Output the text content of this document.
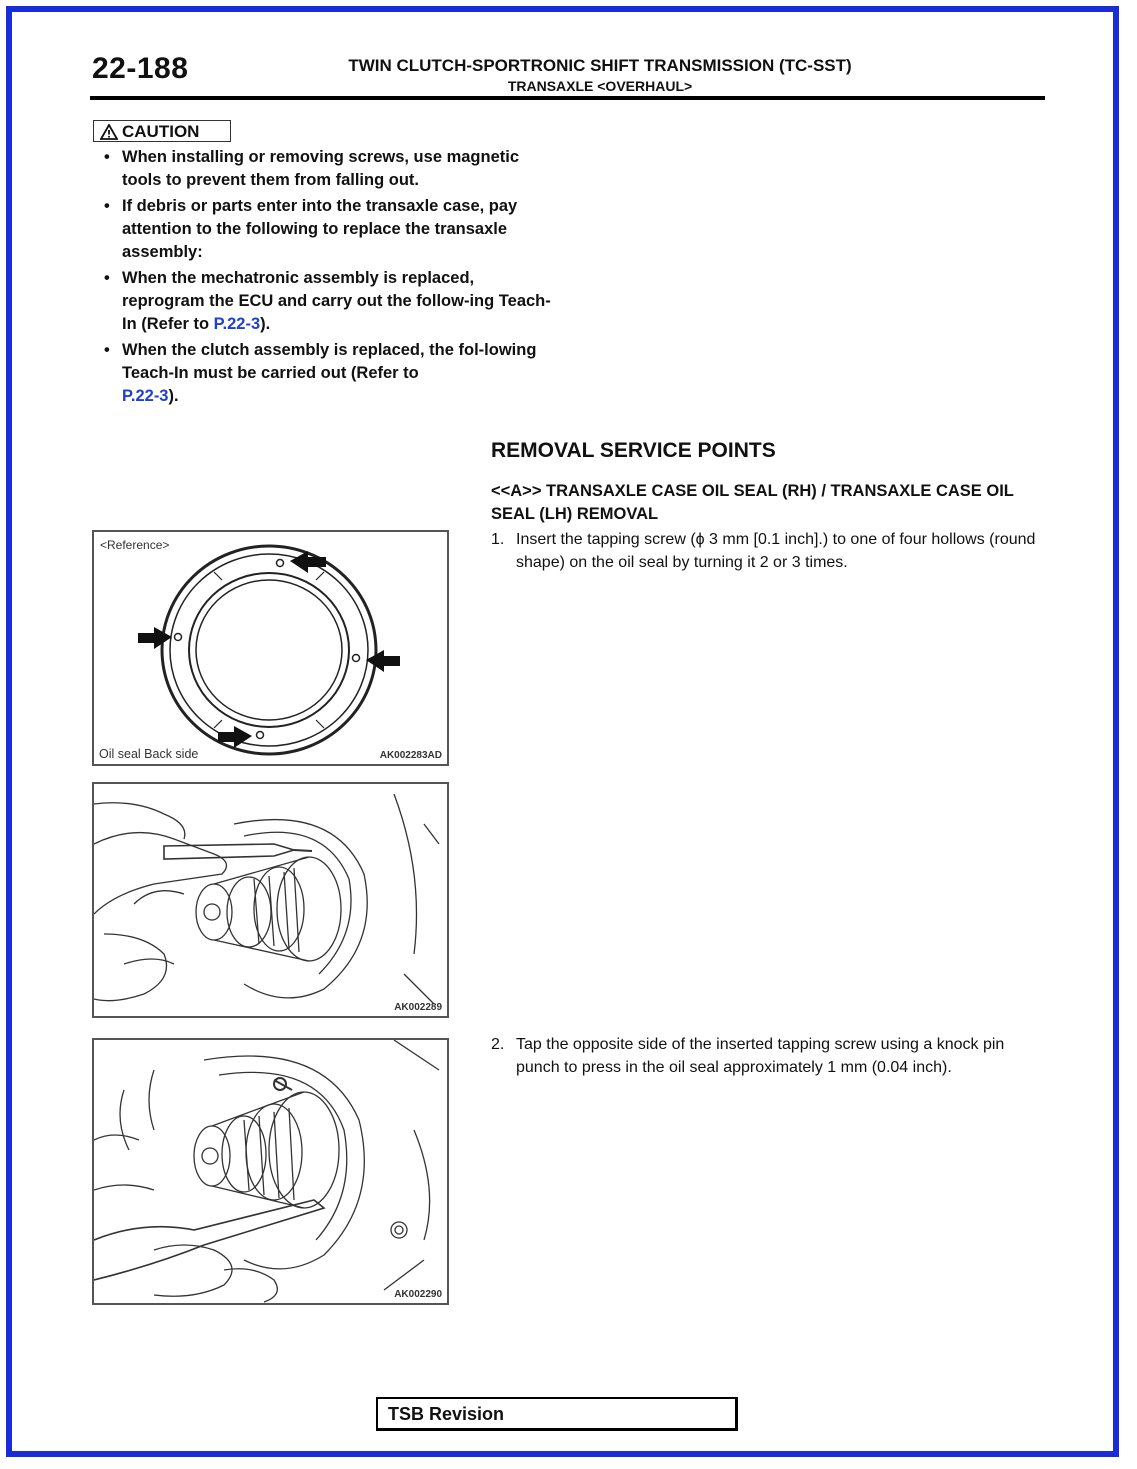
22-188	TWIN CLUTCH-SPORTRONIC SHIFT TRANSMISSION (TC-SST)
TRANSAXLE <OVERHAUL>
CAUTION
• When installing or removing screws, use magnetic tools to prevent them from falling out.
• If debris or parts enter into the transaxle case, pay attention to the following to replace the transaxle assembly:
• When the mechatronic assembly is replaced, reprogram the ECU and carry out the follow-ing Teach-In (Refer to P.22-3).
• When the clutch assembly is replaced, the fol-lowing Teach-In must be carried out (Refer to
P.22-3).
REMOVAL SERVICE POINTS
<<A>> TRANSAXLE CASE OIL SEAL (RH) / TRANSAXLE CASE OIL SEAL (LH) REMOVAL
1. Insert the tapping screw (ϕ 3 mm [0.1 inch].) to one of four hollows (round shape) on the oil seal by turning it 2 or 3 times.
2. Tap the opposite side of the inserted tapping screw using a knock pin punch to press in the oil seal approximately 1 mm (0.04 inch).
<Reference>
Oil seal Back side	AK002283AD
AK002289
AK002290
TSB Revision
